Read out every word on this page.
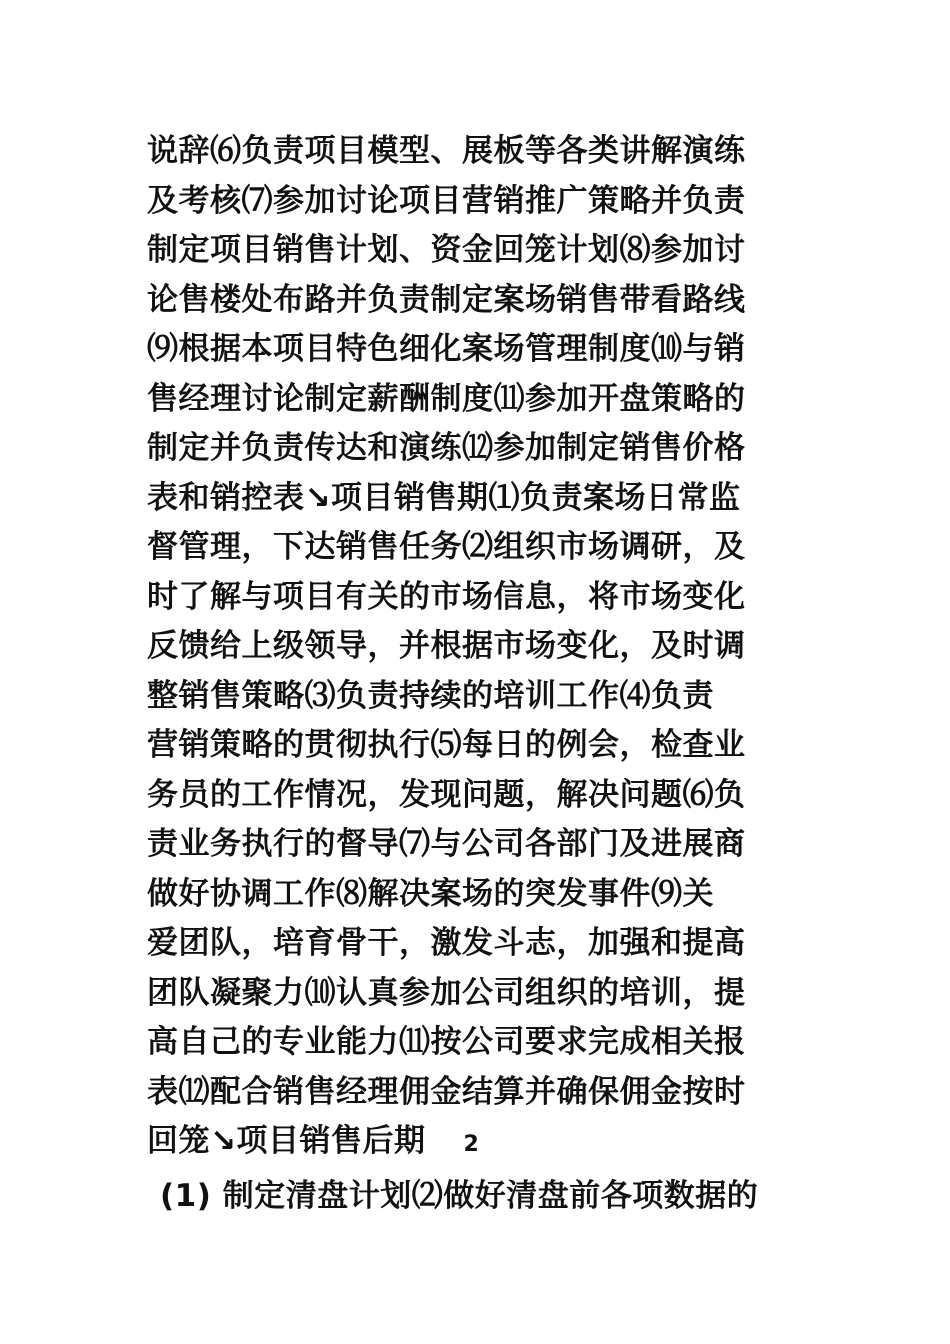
说辞⑹负责项目模型、展板等各类讲解演练
及考核⑺参加讨论项目营销推广策略并负责
制定项目销售计划、资金回笼计划⑻参加讨
论售楼处布路并负责制定案场销售带看路线
⑼根据本项目特色细化案场管理制度⑽与销
售经理讨论制定薪酬制度⑾参加开盘策略的
制定并负责传达和演练⑿参加制定销售价格
表和销控表↘项目销售期⑴负责案场日常监
督管理，下达销售任务⑵组织市场调研，及
时了解与项目有关的市场信息，将市场变化
反馈给上级领导，并根据市场变化，及时调
整销售策略⑶负责持续的培训工作⑷负责
营销策略的贯彻执行⑸每日的例会，检查业
务员的工作情况，发现问题，解决问题⑹负
责业务执行的督导⑺与公司各部门及进展商
做好协调工作⑻解决案场的突发事件⑼关
爱团队，培育骨干，激发斗志，加强和提高
团队凝聚力⑽认真参加公司组织的培训，提
高自己的专业能力⑾按公司要求完成相关报
表⑿配合销售经理佣金结算并确保佣金按时
回笼↘项目销售后期 2
(1) 制定清盘计划⑵做好清盘前各项数据的
